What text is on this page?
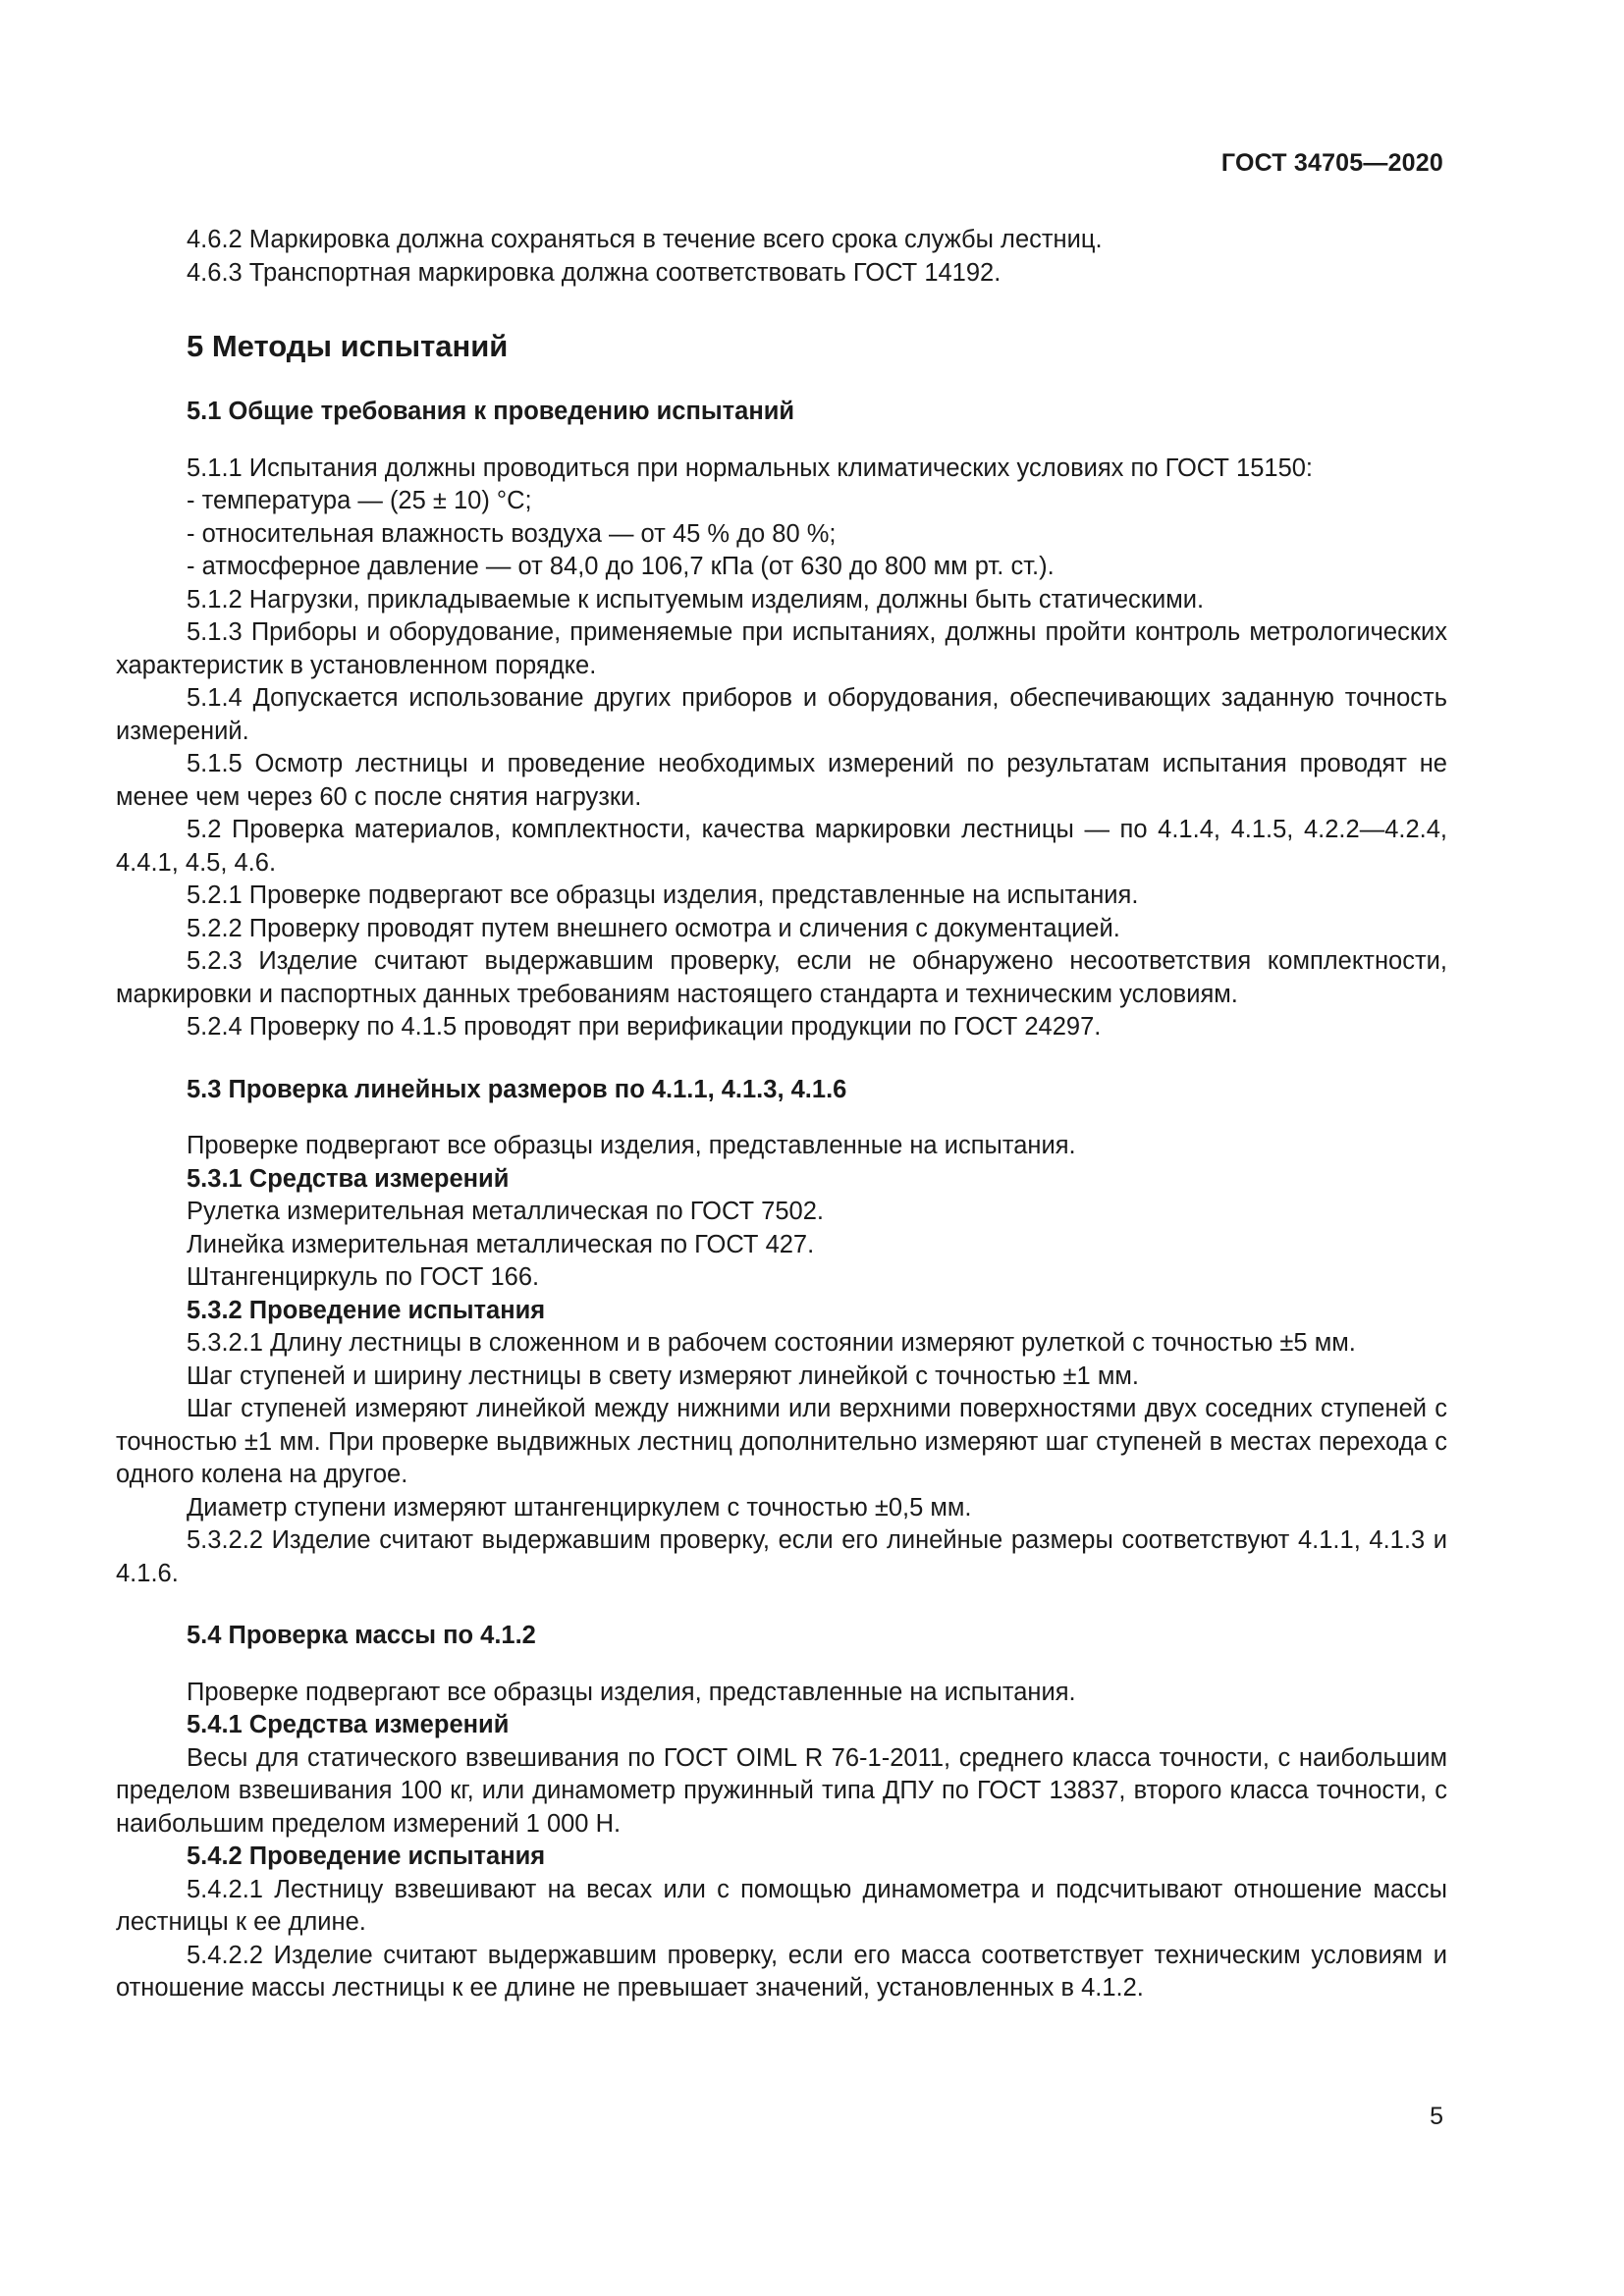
ГОСТ 34705—2020

4.6.2 Маркировка должна сохраняться в течение всего срока службы лестниц.

4.6.3 Транспортная маркировка должна соответствовать ГОСТ 14192.

5 Методы испытаний
5.1 Общие требования к проведению испытаний

5.1.1 Испытания должны проводиться при нормальных климатических условиях по ГОСТ 15150:

- температура — (25 ± 10) °С;

- относительная влажность воздуха — от 45 % до 80 %;

- атмосферное давление — от 84,0 до 106,7 кПа (от 630 до 800 мм рт. ст.).

5.1.2 Нагрузки, прикладываемые к испытуемым изделиям, должны быть статическими.

5.1.3 Приборы и оборудование, применяемые при испытаниях, должны пройти контроль метрологических характеристик в установленном порядке.

5.1.4 Допускается использование других приборов и оборудования, обеспечивающих заданную точность измерений.

5.1.5 Осмотр лестницы и проведение необходимых измерений по результатам испытания проводят не менее чем через 60 с после снятия нагрузки.

5.2 Проверка материалов, комплектности, качества маркировки лестницы — по 4.1.4, 4.1.5, 4.2.2—4.2.4, 4.4.1, 4.5, 4.6.

5.2.1 Проверке подвергают все образцы изделия, представленные на испытания.

5.2.2 Проверку проводят путем внешнего осмотра и сличения с документацией.

5.2.3 Изделие считают выдержавшим проверку, если не обнаружено несоответствия комплектности, маркировки и паспортных данных требованиям настоящего стандарта и техническим условиям.

5.2.4 Проверку по 4.1.5 проводят при верификации продукции по ГОСТ 24297.

5.3 Проверка линейных размеров по 4.1.1, 4.1.3, 4.1.6

Проверке подвергают все образцы изделия, представленные на испытания.

5.3.1 Средства измерений

Рулетка измерительная металлическая по ГОСТ 7502.

Линейка измерительная металлическая по ГОСТ 427.

Штангенциркуль по ГОСТ 166.

5.3.2 Проведение испытания

5.3.2.1 Длину лестницы в сложенном и в рабочем состоянии измеряют рулеткой с точностью ±5 мм.

Шаг ступеней и ширину лестницы в свету измеряют линейкой с точностью ±1 мм.

Шаг ступеней измеряют линейкой между нижними или верхними поверхностями двух соседних ступеней с точностью ±1 мм. При проверке выдвижных лестниц дополнительно измеряют шаг ступеней в местах перехода с одного колена на другое.

Диаметр ступени измеряют штангенциркулем с точностью ±0,5 мм.

5.3.2.2 Изделие считают выдержавшим проверку, если его линейные размеры соответствуют 4.1.1, 4.1.3 и 4.1.6.

5.4 Проверка массы по 4.1.2

Проверке подвергают все образцы изделия, представленные на испытания.

5.4.1 Средства измерений

Весы для статического взвешивания по ГОСТ OIML R 76-1-2011, среднего класса точности, с наибольшим пределом взвешивания 100 кг, или динамометр пружинный типа ДПУ по ГОСТ 13837, второго класса точности, с наибольшим пределом измерений 1 000 Н.

5.4.2 Проведение испытания

5.4.2.1 Лестницу взвешивают на весах или с помощью динамометра и подсчитывают отношение массы лестницы к ее длине.

5.4.2.2 Изделие считают выдержавшим проверку, если его масса соответствует техническим условиям и отношение массы лестницы к ее длине не превышает значений, установленных в 4.1.2.

5
